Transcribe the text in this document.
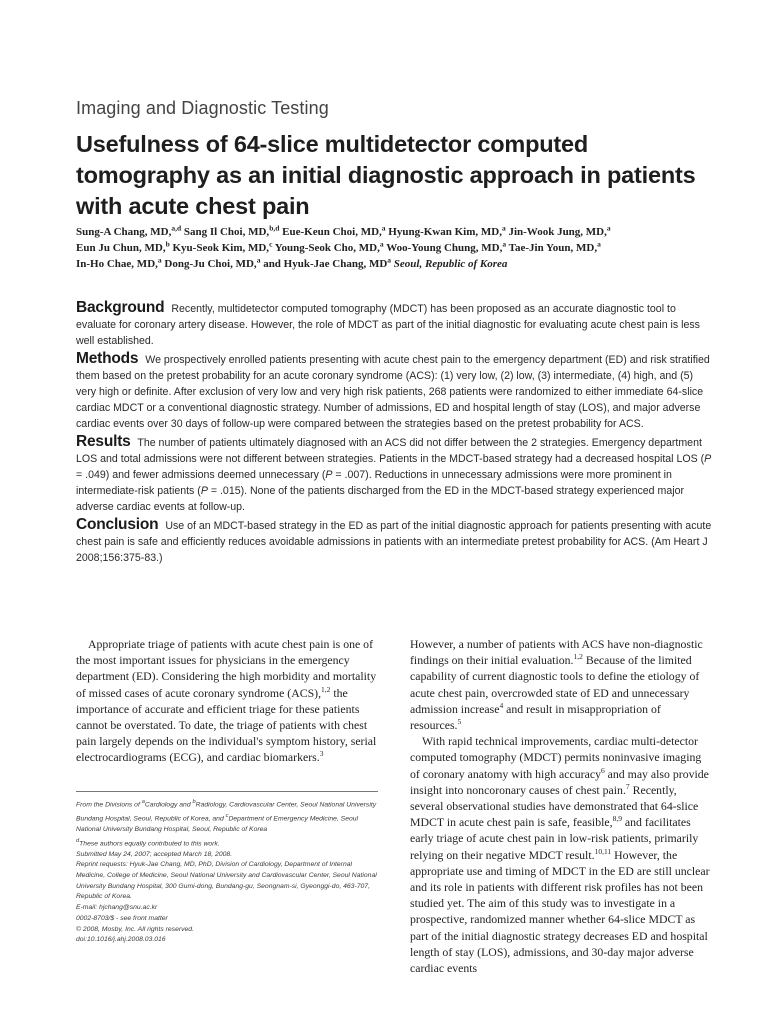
Imaging and Diagnostic Testing
Usefulness of 64-slice multidetector computed tomography as an initial diagnostic approach in patients with acute chest pain
Sung-A Chang, MD,$^{a,d}$ Sang Il Choi, MD,$^{b,d}$ Eue-Keun Choi, MD,$^a$ Hyung-Kwan Kim, MD,$^a$ Jin-Wook Jung, MD,$^a$
Eun Ju Chun, MD,$^b$ Kyu-Seok Kim, MD,$^c$ Young-Seok Cho, MD,$^a$ Woo-Young Chung, MD,$^a$ Tae-Jin Youn, MD,$^a$
In-Ho Chae, MD,$^a$ Dong-Ju Choi, MD,$^a$ and Hyuk-Jae Chang, $MD^a$ Seoul, Republic of Korea

Background Recently, multidetector computed tomography (MDCT) has been proposed as an accurate diagnostic tool to evaluate for coronary artery disease. However, the role of MDCT as part of the initial diagnostic for evaluating acute chest pain is less well established.

Methods We prospectively enrolled patients presenting with acute chest pain to the emergency department (ED) and risk stratified them based on the pretest probability for an acute coronary syndrome (ACS): (1) very low, (2) low, (3) intermediate, (4) high, and (5) very high or definite. After exclusion of very low and very high risk patients, 268 patients were randomized to either immediate 64-slice cardiac MDCT or a conventional diagnostic strategy. Number of admissions, ED and hospital length of stay (LOS), and major adverse cardiac events over 30 days of follow-up were compared between the strategies based on the pretest probability for ACS.

Results The number of patients ultimately diagnosed with an ACS did not differ between the 2 strategies. Emergency department LOS and total admissions were not different between strategies. Patients in the MDCT-based strategy had a decreased hospital LOS (P = .049) and fewer admissions deemed unnecessary (P = .007). Reductions in unnecessary admissions were more prominent in intermediate-risk patients (P = .015). None of the patients discharged from the ED in the MDCT-based strategy experienced major adverse cardiac events at follow-up.

Conclusion Use of an MDCT-based strategy in the ED as part of the initial diagnostic approach for patients presenting with acute chest pain is safe and efficiently reduces avoidable admissions in patients with an intermediate pretest probability for ACS. (Am Heart J 2008;156:375-83.)

Appropriate triage of patients with acute chest pain is one of the most important issues for physicians in the emergency department (ED). Considering the high morbidity and mortality of missed cases of acute coronary syndrome (ACS),$^{1,2}$ the importance of accurate and efficient triage for these patients cannot be overstated. To date, the triage of patients with chest pain largely depends on the individual's symptom history, serial electrocardiograms (ECG), and cardiac biomarkers.$^3$

From the Divisions of $^a$Cardiology and $^b$Radiology, Cardiovascular Center, Seoul National University Bundang Hospital, Seoul, Republic of Korea, and $^c$Department of Emergency Medicine, Seoul National University Bundang Hospital, Seoul, Republic of Korea
$^d$These authors equally contributed to this work.
Submitted May 24, 2007; accepted March 18, 2008.
Reprint requests: Hyuk-Jae Chang, MD, PhD, Division of Cardiology, Department of Internal Medicine, College of Medicine, Seoul National University and Cardiovascular Center, Seoul National University Bundang Hospital, 300 Gumi-dong, Bundang-gu, Seongnam-si, Gyeonggi-do, 463-707, Republic of Korea.
E-mail: hjchang@snu.ac.kr
0002-8703/$ - see front matter
© 2008, Mosby, Inc. All rights reserved.
doi:10.1016/j.ahj.2008.03.016

However, a number of patients with ACS have non-diagnostic findings on their initial evaluation.$^{1,2}$ Because of the limited capability of current diagnostic tools to define the etiology of acute chest pain, overcrowded state of ED and unnecessary admission increase$^4$ and result in misappropriation of resources.$^5$

With rapid technical improvements, cardiac multi-detector computed tomography (MDCT) permits noninvasive imaging of coronary anatomy with high accuracy$^6$ and may also provide insight into noncoronary causes of chest pain.$^7$ Recently, several observational studies have demonstrated that 64-slice MDCT in acute chest pain is safe, feasible,$^{8,9}$ and facilitates early triage of acute chest pain in low-risk patients, primarily relying on their negative MDCT result.$^{10,11}$ However, the appropriate use and timing of MDCT in the ED are still unclear and its role in patients with different risk profiles has not been studied yet. The aim of this study was to investigate in a prospective, randomized manner whether 64-slice MDCT as part of the initial diagnostic strategy decreases ED and hospital length of stay (LOS), admissions, and 30-day major adverse cardiac events
